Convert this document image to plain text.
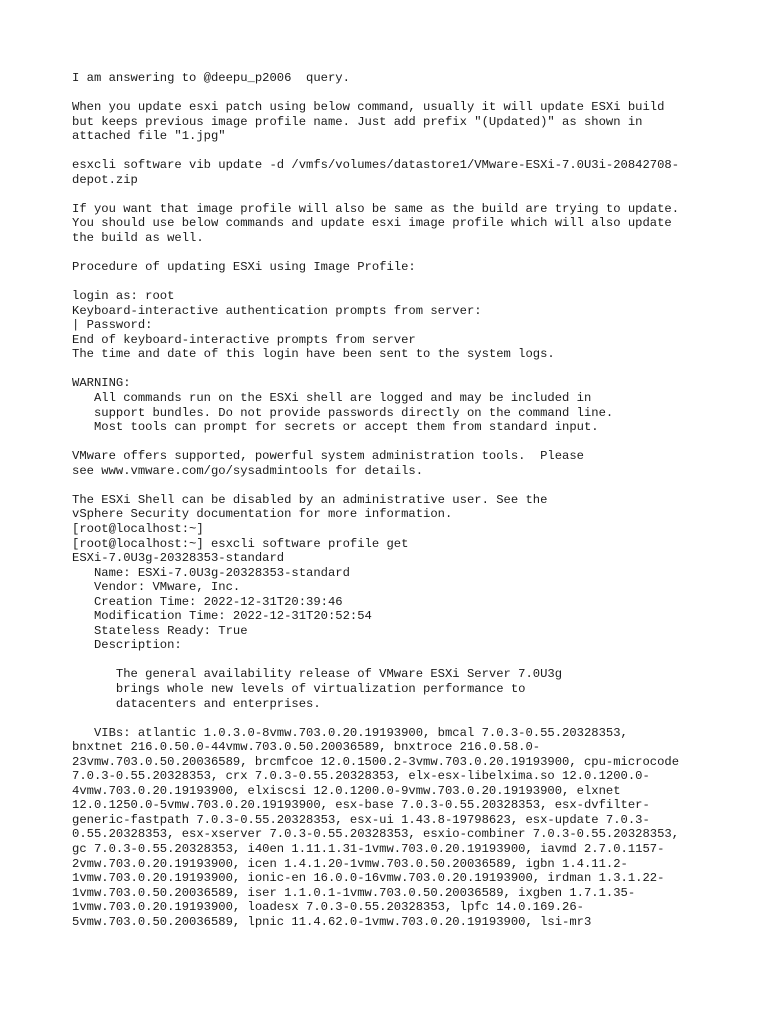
I am answering to @deepu_p2006  query.
When you update esxi patch using below command, usually it will update ESXi build
but keeps previous image profile name. Just add prefix "(Updated)" as shown in
attached file "1.jpg"
esxcli software vib update -d /vmfs/volumes/datastore1/VMware-ESXi-7.0U3i-20842708-
depot.zip
If you want that image profile will also be same as the build are trying to update.
You should use below commands and update esxi image profile which will also update
the build as well.
Procedure of updating ESXi using Image Profile:
login as: root
Keyboard-interactive authentication prompts from server:
| Password:
End of keyboard-interactive prompts from server
The time and date of this login have been sent to the system logs.
WARNING:
All commands run on the ESXi shell are logged and may be included in
support bundles. Do not provide passwords directly on the command line.
Most tools can prompt for secrets or accept them from standard input.
VMware offers supported, powerful system administration tools.  Please
see www.vmware.com/go/sysadmintools for details.
The ESXi Shell can be disabled by an administrative user. See the
vSphere Security documentation for more information.
[root@localhost:~]
[root@localhost:~] esxcli software profile get
ESXi-7.0U3g-20328353-standard
Name: ESXi-7.0U3g-20328353-standard
Vendor: VMware, Inc.
Creation Time: 2022-12-31T20:39:46
Modification Time: 2022-12-31T20:52:54
Stateless Ready: True
Description:
The general availability release of VMware ESXi Server 7.0U3g
brings whole new levels of virtualization performance to
datacenters and enterprises.
VIBs: atlantic 1.0.3.0-8vmw.703.0.20.19193900, bmcal 7.0.3-0.55.20328353,
bnxtnet 216.0.50.0-44vmw.703.0.50.20036589, bnxtroce 216.0.58.0-
23vmw.703.0.50.20036589, brcmfcoe 12.0.1500.2-3vmw.703.0.20.19193900, cpu-microcode
7.0.3-0.55.20328353, crx 7.0.3-0.55.20328353, elx-esx-libelxima.so 12.0.1200.0-
4vmw.703.0.20.19193900, elxiscsi 12.0.1200.0-9vmw.703.0.20.19193900, elxnet
12.0.1250.0-5vmw.703.0.20.19193900, esx-base 7.0.3-0.55.20328353, esx-dvfilter-
generic-fastpath 7.0.3-0.55.20328353, esx-ui 1.43.8-19798623, esx-update 7.0.3-
0.55.20328353, esx-xserver 7.0.3-0.55.20328353, esxio-combiner 7.0.3-0.55.20328353,
gc 7.0.3-0.55.20328353, i40en 1.11.1.31-1vmw.703.0.20.19193900, iavmd 2.7.0.1157-
2vmw.703.0.20.19193900, icen 1.4.1.20-1vmw.703.0.50.20036589, igbn 1.4.11.2-
1vmw.703.0.20.19193900, ionic-en 16.0.0-16vmw.703.0.20.19193900, irdman 1.3.1.22-
1vmw.703.0.50.20036589, iser 1.1.0.1-1vmw.703.0.50.20036589, ixgben 1.7.1.35-
1vmw.703.0.20.19193900, loadesx 7.0.3-0.55.20328353, lpfc 14.0.169.26-
5vmw.703.0.50.20036589, lpnic 11.4.62.0-1vmw.703.0.20.19193900, lsi-mr3
